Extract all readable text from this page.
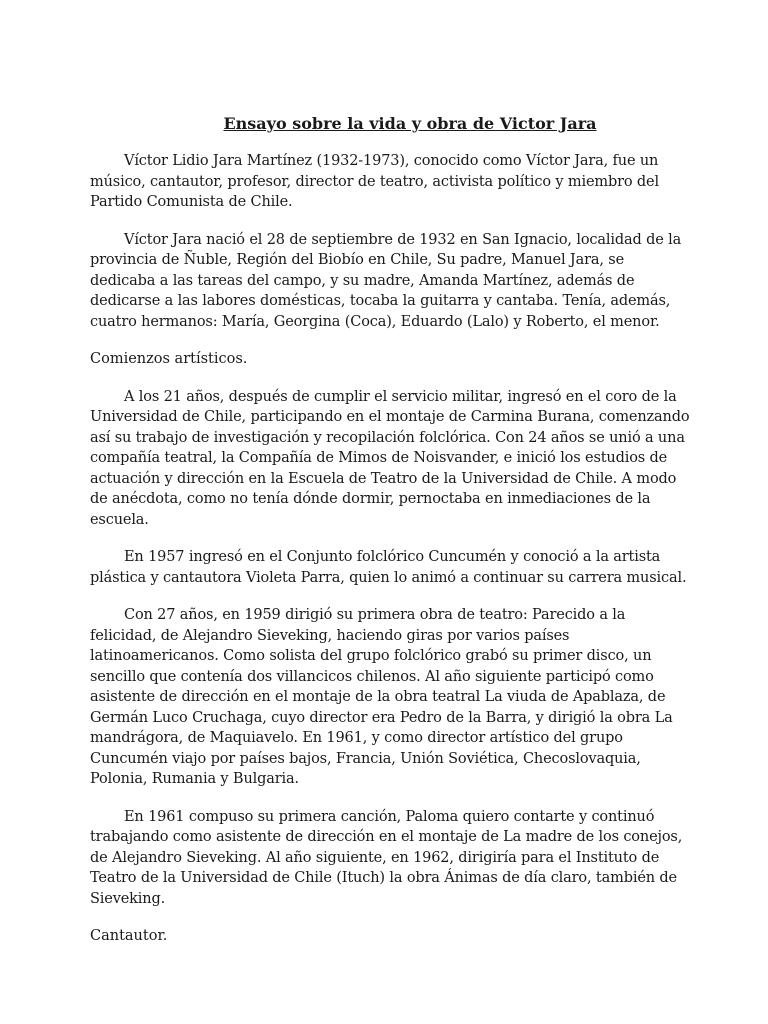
Ensayo sobre la vida y obra de Victor Jara

Víctor Lidio Jara Martínez (1932-1973), conocido como Víctor Jara, fue un músico, cantautor, profesor, director de teatro, activista político y miembro del Partido Comunista de Chile.

Víctor Jara nació el 28 de septiembre de 1932 en San Ignacio, localidad de la provincia de Ñuble, Región del Biobío en Chile, Su padre, Manuel Jara, se dedicaba a las tareas del campo, y su madre, Amanda Martínez, además de dedicarse a las labores domésticas, tocaba la guitarra y cantaba. Tenía, además, cuatro hermanos: María, Georgina (Coca), Eduardo (Lalo) y Roberto, el menor.

Comienzos artísticos.

A los 21 años, después de cumplir el servicio militar, ingresó en el coro de la Universidad de Chile, participando en el montaje de Carmina Burana, comenzando así su trabajo de investigación y recopilación folclórica. Con 24 años se unió a una compañía teatral, la Compañía de Mimos de Noisvander, e inició los estudios de actuación y dirección en la Escuela de Teatro de la Universidad de Chile. A modo de anécdota, como no tenía dónde dormir, pernoctaba en inmediaciones de la escuela.

En 1957 ingresó en el Conjunto folclórico Cuncumén y conoció a la artista plástica y cantautora Violeta Parra, quien lo animó a continuar su carrera musical.

Con 27 años, en 1959 dirigió su primera obra de teatro: Parecido a la felicidad, de Alejandro Sieveking, haciendo giras por varios países latinoamericanos. Como solista del grupo folclórico grabó su primer disco, un sencillo que contenía dos villancicos chilenos. Al año siguiente participó como asistente de dirección en el montaje de la obra teatral La viuda de Apablaza, de Germán Luco Cruchaga, cuyo director era Pedro de la Barra, y dirigió la obra La mandrágora, de Maquiavelo. En 1961, y como director artístico del grupo Cuncumén viajo por países bajos, Francia, Unión Soviética, Checoslovaquia, Polonia, Rumania y Bulgaria.

En 1961 compuso su primera canción, Paloma quiero contarte y continuó trabajando como asistente de dirección en el montaje de La madre de los conejos, de Alejandro Sieveking. Al año siguiente, en 1962, dirigiría para el Instituto de Teatro de la Universidad de Chile (Ituch) la obra Ánimas de día claro, también de Sieveking.

Cantautor.
